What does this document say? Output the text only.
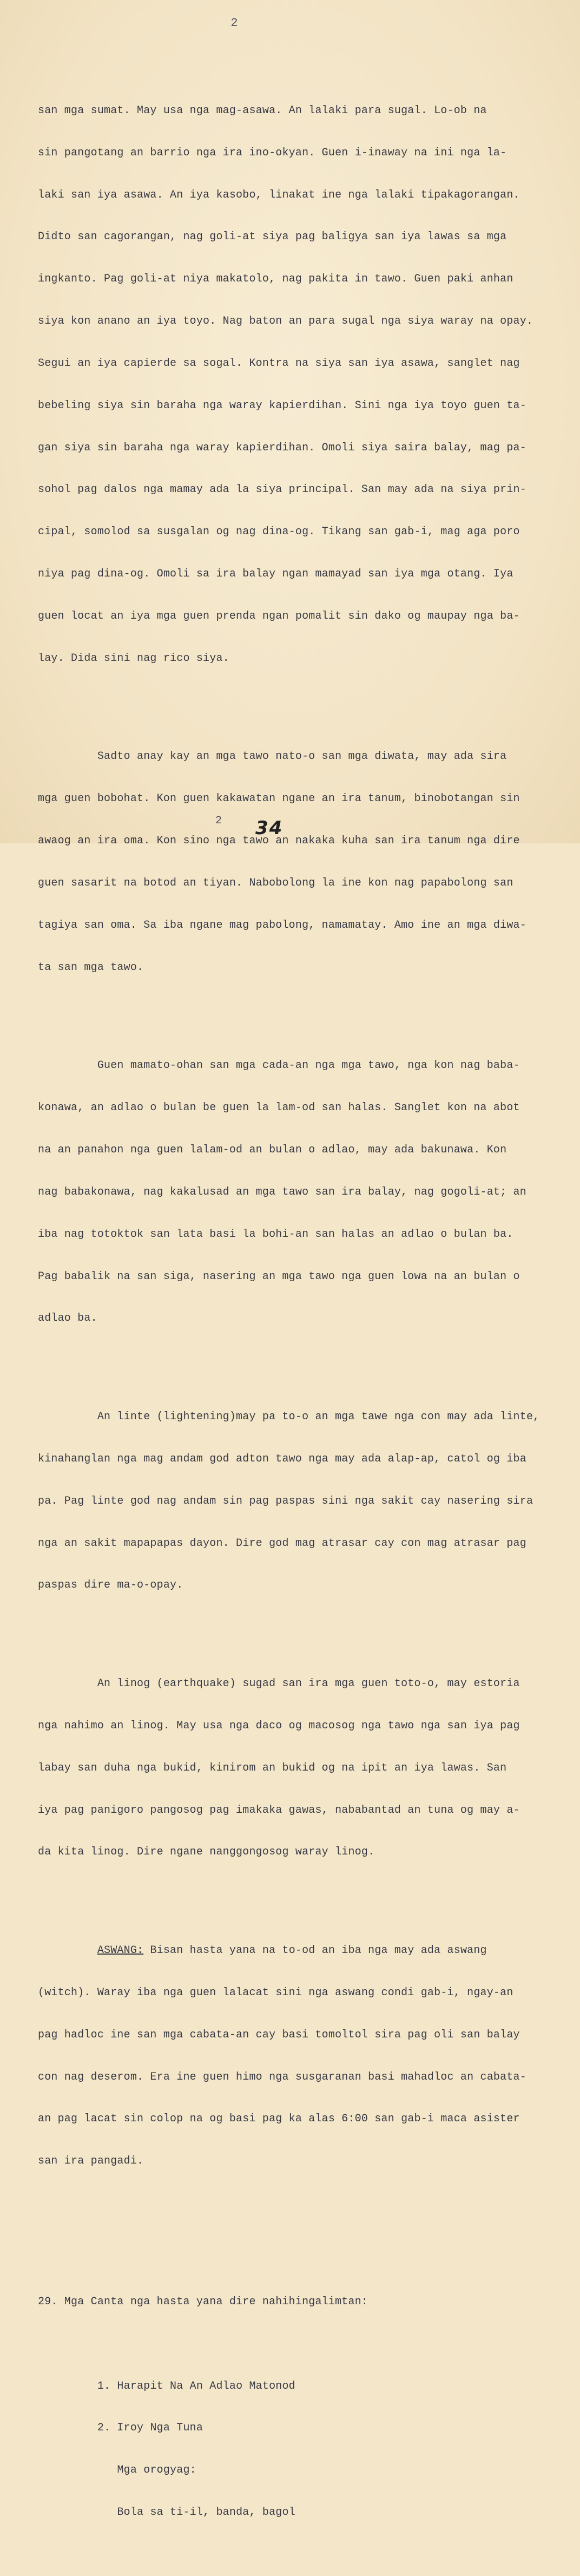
2

san mga sumat. May usa nga mag-asawa. An lalaki para sugal. Lo-ob na

sin pangotang an barrio nga ira ino-okyan. Guen i-inaway na ini nga la-

laki san iya asawa. An iya kasobo, linakat ine nga lalaki tipakagorangan.

Didto san cagorangan, nag goli-at siya pag baligya san iya lawas sa mga

ingkanto. Pag goli-at niya makatolo, nag pakita in tawo. Guen paki anhan

siya kon anano an iya toyo. Nag baton an para sugal nga siya waray na opay.

Segui an iya capierde sa sogal. Kontra na siya san iya asawa, sanglet nag

bebeling siya sin baraha nga waray kapierdihan. Sini nga iya toyo guen ta-

gan siya sin baraha nga waray kapierdihan. Omoli siya saira balay, mag pa-

sohol pag dalos nga mamay ada la siya principal. San may ada na siya prin-

cipal, somolod sa susgalan og nag dina-og. Tikang san gab-i, mag aga poro

niya pag dina-og. Omoli sa ira balay ngan mamayad san iya mga otang. Iya

guen locat an iya mga guen prenda ngan pomalit sin dako og maupay nga ba-

lay. Dida sini nag rico siya.

Sadto anay kay an mga tawo nato-o san mga diwata, may ada sira

mga guen bobohat. Kon guen kakawatan ngane an ira tanum, binobotangan sin

awaog an ira oma. Kon sino nga tawo an nakaka kuha san ira tanum nga dire

guen sasarit na botod an tiyan. Nabobolong la ine kon nag papabolong san

tagiya san oma. Sa iba ngane mag pabolong, namamatay. Amo ine an mga diwa-

ta san mga tawo.

Guen mamato-ohan san mga cada-an nga mga tawo, nga kon nag baba-

konawa, an adlao o bulan be guen la lam-od san halas. Sanglet kon na abot

na an panahon nga guen lalam-od an bulan o adlao, may ada bakunawa. Kon

nag babakonawa, nag kakalusad an mga tawo san ira balay, nag gogoli-at; an

iba nag totoktok san lata basi la bohi-an san halas an adlao o bulan ba.

Pag babalik na san siga, nasering an mga tawo nga guen lowa na an bulan o

adlao ba.

An linte (lightening)may pa to-o an mga tawe nga con may ada linte,

kinahanglan nga mag andam god adton tawo nga may ada alap-ap, catol og iba

pa. Pag linte god nag andam sin pag paspas sini nga sakit cay nasering sira

nga an sakit mapapapas dayon. Dire god mag atrasar cay con mag atrasar pag

paspas dire ma-o-opay.

An linog (earthquake) sugad san ira mga guen toto-o, may estoria

nga nahimo an linog. May usa nga daco og macosog nga tawo nga san iya pag

labay san duha nga bukid, kinirom an bukid og na ipit an iya lawas. San

iya pag panigoro pangosog pag imakaka gawas, nababantad an tuna og may a-

da kita linog. Dire ngane nanggongosog waray linog.

ASWANG: Bisan hasta yana na to-od an iba nga may ada aswang

(witch). Waray iba nga guen lalacat sini nga aswang condi gab-i, ngay-an

pag hadloc ine san mga cabata-an cay basi tomoltol sira pag oli san balay

con nag deserom. Era ine guen himo nga susgaranan basi mahadloc an cabata-

an pag lacat sin colop na og basi pag ka alas 6:00 san gab-i maca asister

san ira pangadi.

29. Mga Canta nga hasta yana dire nahihingalimtan:

1. Harapit Na An Adlao Matonod

2. Iroy Nga Tuna

Mga orogyag:

Bola sa ti-il, banda, bagol

2 34
